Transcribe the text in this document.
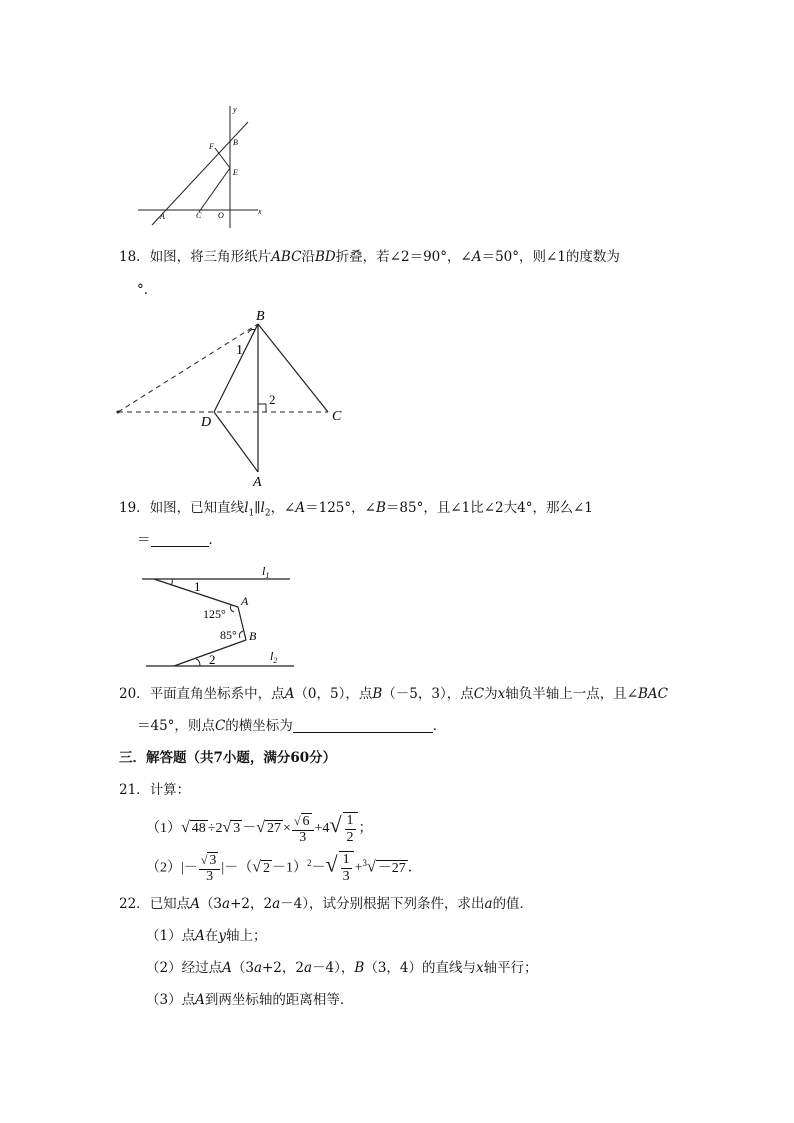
y
x
F B
E
A	C O
18．如图，将三角形纸片ABC沿BD折叠，若∠2＝90°，∠A＝50°，则∠1的度数为
°．
B
1
2
D	C
A
19．如图，已知直线$l_1\parallel l_2$，∠A＝125°，∠B＝85°，且∠1比∠2大4°，那么∠1
＝	．
$l_1$
1
A
125°
85° B
2	$l_2$
20．平面直角坐标系中，点A（0，5），点B（－5，3），点C为x轴负半轴上一点，且∠BAC
＝45°，则点C的横坐标为	．
三．解答题（共7小题，满分60分）
21．计算：
（1）√ 48 ÷2√ 3 －√ $27 \times \frac{√ 6}{3} +4√ \frac{1}{2}$ ；
$(2)|- \frac{√ 3}{3}$ |－（√ $2 -1)^2-√ \frac{1}{3} +^3√ -27$ ．
22．已知点A（3a+2，2a－4），试分别根据下列条件，求出a的值．
（1）点A在y轴上；
（2）经过点A（3a+2，2a－4），B（3，4）的直线与x轴平行；
（3）点A到两坐标轴的距离相等．
